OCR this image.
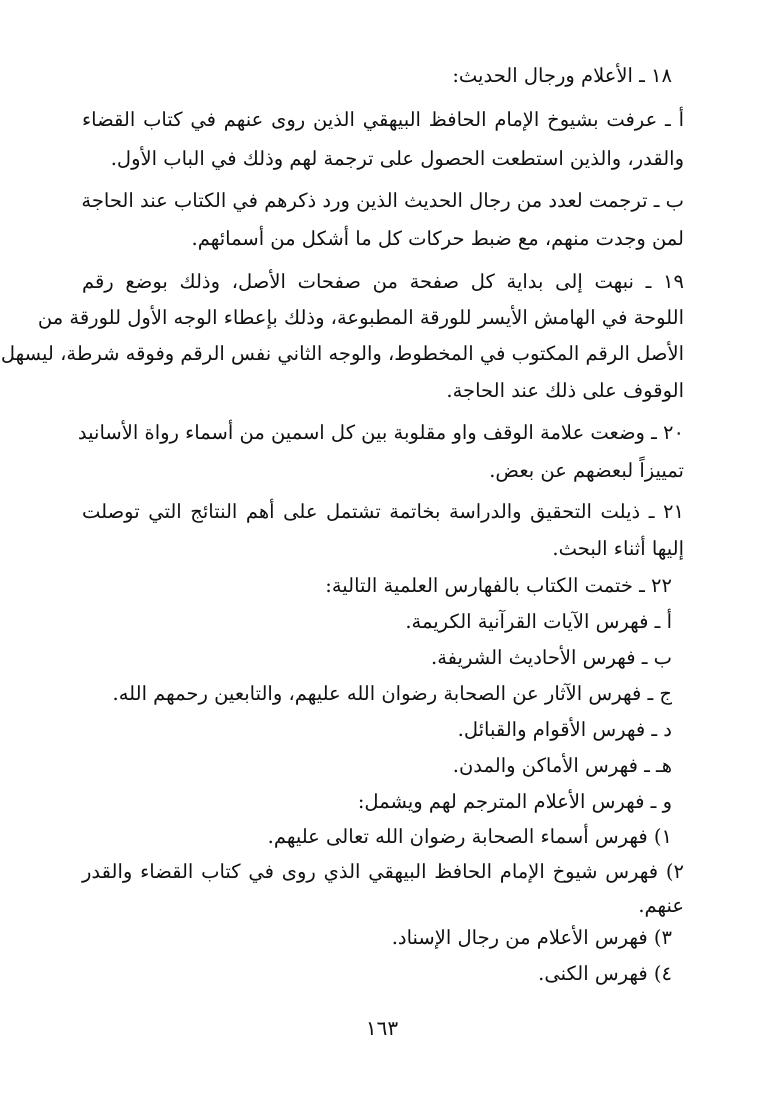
١٨ ـ الأعلام ورجال الحديث:
أ ـ عرفت بشيوخ الإمام الحافظ البيهقي الذين روى عنهم في كتاب القضاء
والقدر، والذين استطعت الحصول على ترجمة لهم وذلك في الباب الأول.
ب ـ ترجمت لعدد من رجال الحديث الذين ورد ذكرهم في الكتاب عند الحاجة
لمن وجدت منهم، مع ضبط حركات كل ما أشكل من أسمائهم.
١٩ ـ نبهت إلى بداية كل صفحة من صفحات الأصل، وذلك بوضع رقم
اللوحة في الهامش الأيسر للورقة المطبوعة، وذلك بإعطاء الوجه الأول للورقة من
الأصل الرقم المكتوب في المخطوط، والوجه الثاني نفس الرقم وفوقه شرطة، ليسهل
الوقوف على ذلك عند الحاجة.
٢٠ ـ وضعت علامة الوقف واو مقلوبة بين كل اسمين من أسماء رواة الأسانيد
تمييزاً لبعضهم عن بعض.
٢١ ـ ذيلت التحقيق والدراسة بخاتمة تشتمل على أهم النتائج التي توصلت
إليها أثناء البحث.
٢٢ ـ ختمت الكتاب بالفهارس العلمية التالية:
أ ـ فهرس الآيات القرآنية الكريمة.
ب ـ فهرس الأحاديث الشريفة.
ج ـ فهرس الآثار عن الصحابة رضوان الله عليهم، والتابعين رحمهم الله.
د ـ فهرس الأقوام والقبائل.
هـ ـ فهرس الأماكن والمدن.
و ـ فهرس الأعلام المترجم لهم ويشمل:
١) فهرس أسماء الصحابة رضوان الله تعالى عليهم.
٢) فهرس شيوخ الإمام الحافظ البيهقي الذي روى في كتاب القضاء والقدر
عنهم.
٣) فهرس الأعلام من رجال الإسناد.
٤) فهرس الكنى.
١٦٣
